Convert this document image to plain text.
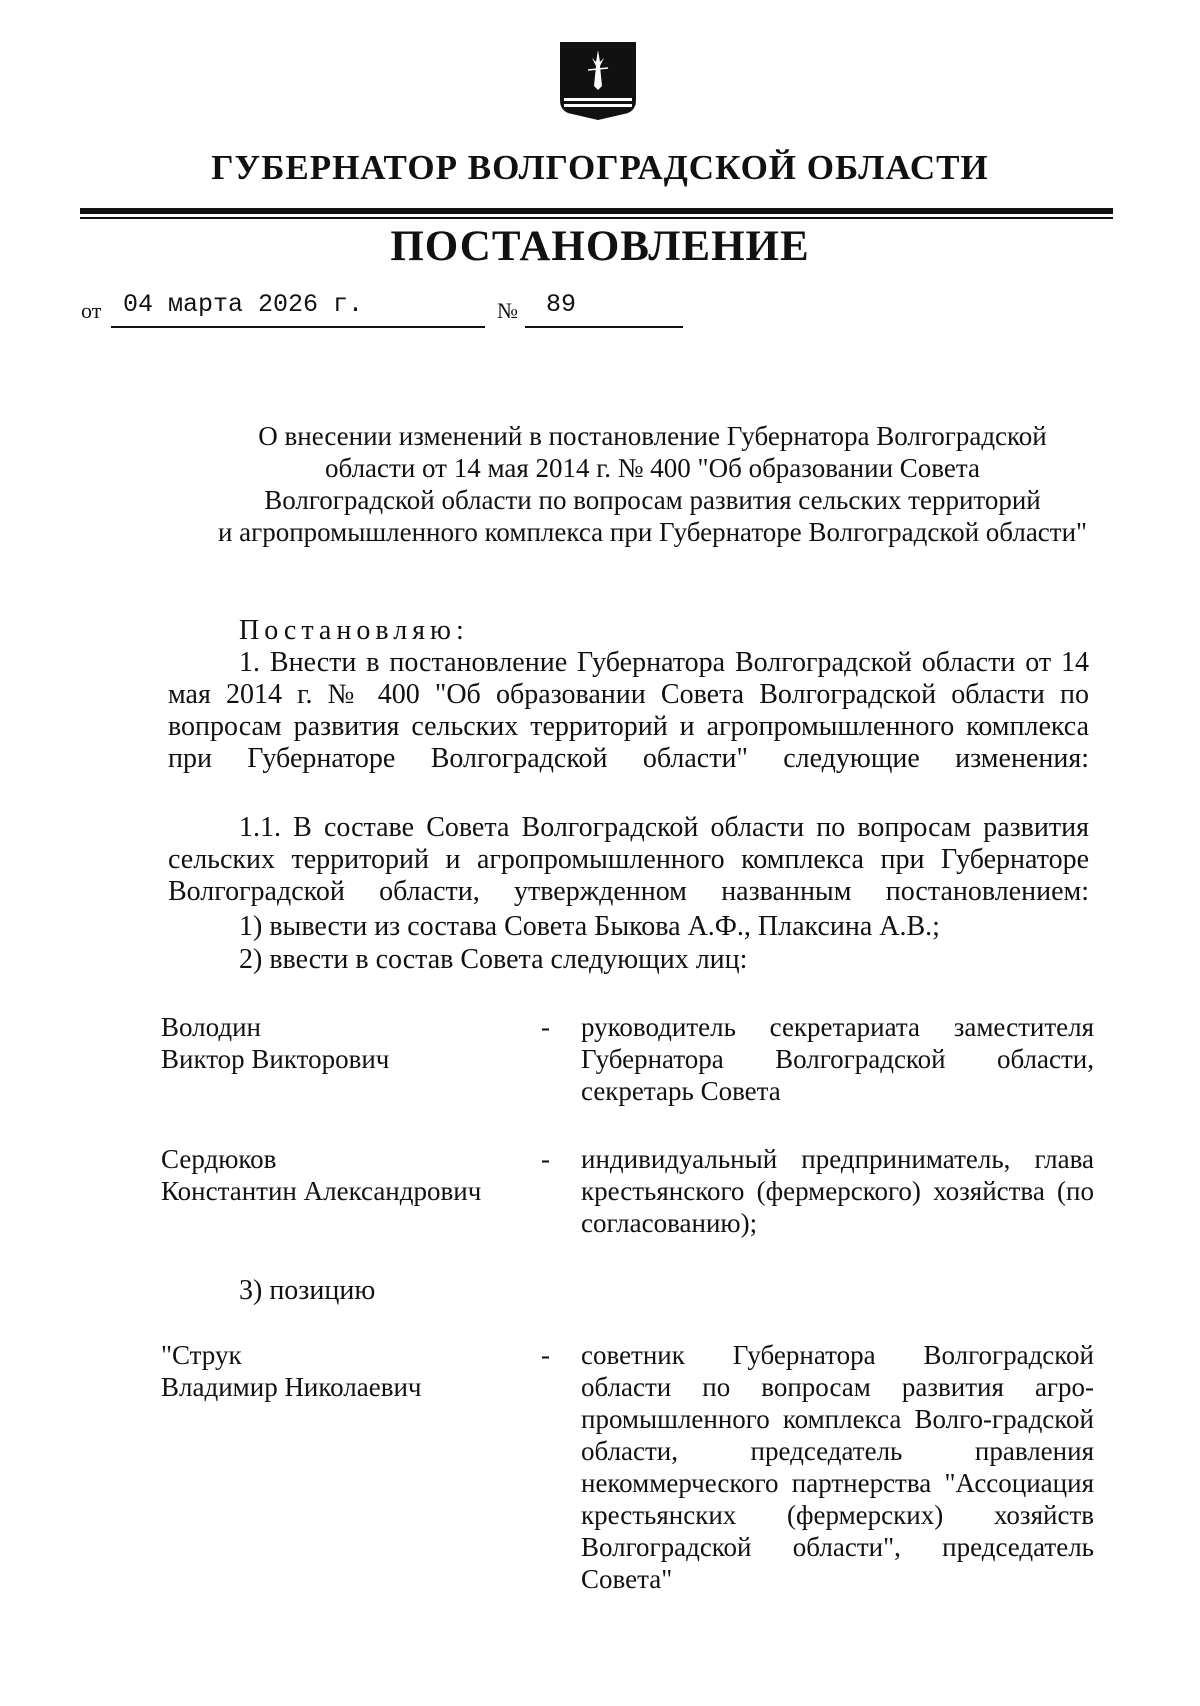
ГУБЕРНАТОР ВОЛГОГРАДСКОЙ ОБЛАСТИ
ПОСТАНОВЛЕНИЕ
от 04 марта 2026 г.	№ 89
О внесении изменений в постановление Губернатора Волгоградской
области от 14 мая 2014 г. № 400 "Об образовании Совета
Волгоградской области по вопросам развития сельских территорий
и агропромышленного комплекса при Губернаторе Волгоградской области"

Постановляю:

1. Внести в постановление Губернатора Волгоградской области от 14 мая 2014 г. № 400 "Об образовании Совета Волгоградской области по вопросам развития сельских территорий и агропромышленного комплекса при Губернаторе Волгоградской области" следующие изменения:

1.1. В составе Совета Волгоградской области по вопросам развития сельских территорий и агропромышленного комплекса при Губернаторе Волгоградской области, утвержденном названным постановлением:

1) вывести из состава Совета Быкова А.Ф., Плаксина А.В.;

2) ввести в состав Совета следующих лиц:

Володин

Виктор Викторович

- руководитель секретариата заместителя Губернатора Волгоградской области, секретарь Совета

Сердюков

Константин Александрович

- индивидуальный предприниматель, глава крестьянского (фермерского) хозяйства (по согласованию);

3) позицию

"Струк

Владимир Николаевич

- советник Губернатора Волгоградской области по вопросам развития агро-промышленного комплекса Волго-градской области, председатель правления некоммерческого партнерства "Ассоциация крестьянских (фермерских) хозяйств Волгоградской области", председатель Совета"
